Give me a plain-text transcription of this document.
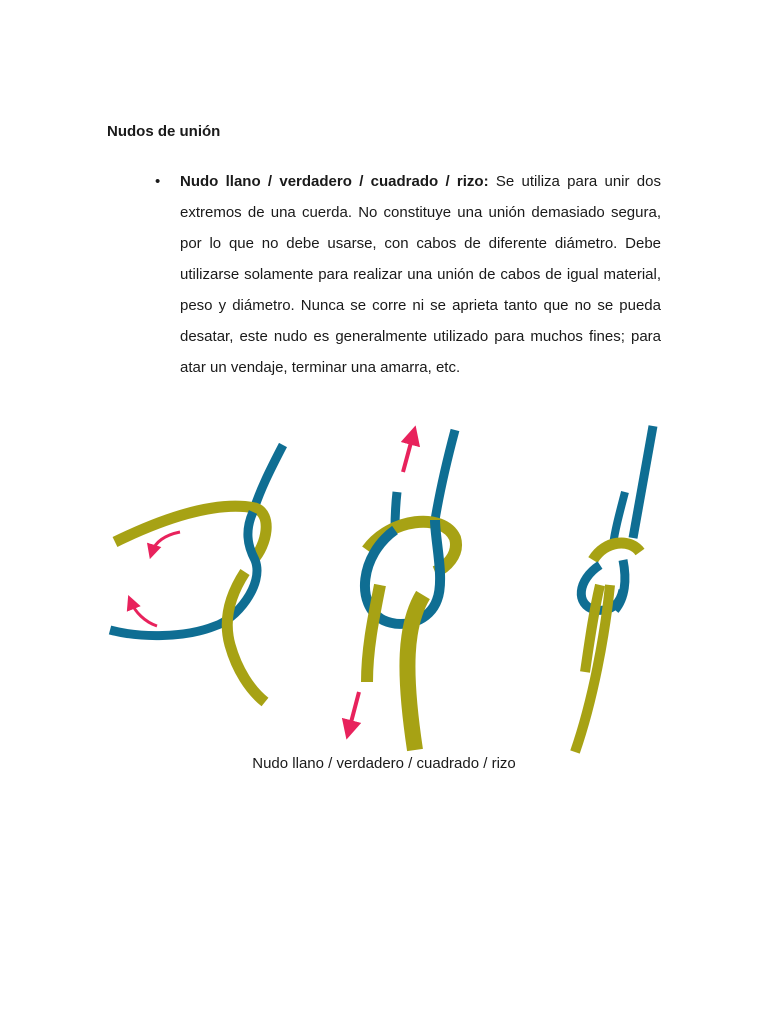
Nudos de unión
• Nudo llano / verdadero / cuadrado / rizo: Se utiliza para unir dos extremos de una cuerda. No constituye una unión demasiado segura, por lo que no debe usarse, con cabos de diferente diámetro. Debe utilizarse solamente para realizar una unión de cabos de igual material, peso y diámetro. Nunca se corre ni se aprieta tanto que no se pueda desatar, este nudo es generalmente utilizado para muchos fines; para atar un vendaje, terminar una amarra, etc.
Nudo llano / verdadero / cuadrado / rizo
